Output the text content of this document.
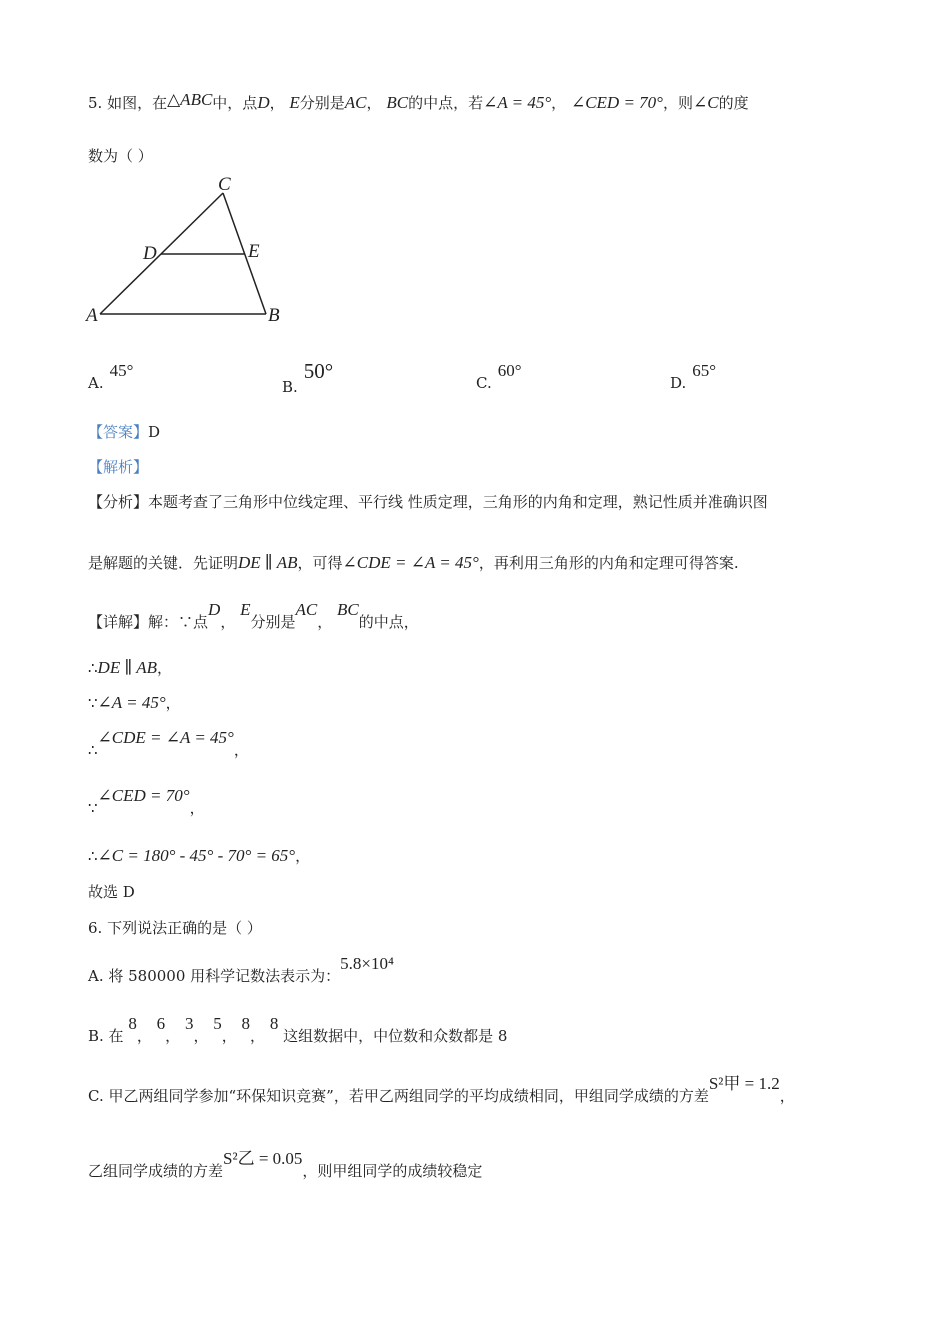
5. 如图，在△ABC中，点D， E分别是AC， BC的中点，若∠A = 45°， ∠CED = 70°，则∠C的度
数为（ ）
C
D	E
A	B
A.45°
B.50°	C.60°
D.65°
【答案】D
【解析】
【分析】本题考查了三角形中位线定理、平行线 性质定理，三角形的内角和定理，熟记性质并准确识图
是解题的关键．先证明DE ∥ AB，可得∠CDE = ∠A = 45°，再利用三角形的内角和定理可得答案.
【详解】解：∵点D， E分别是AC， BC的中点，
∴DE ∥ AB，
∵∠A = 45°，
∴∠CDE = ∠A = 45°，
∵∠CED = 70°，
∴∠C = 180° - 45° - 70° = 65°，
故选 D
6. 下列说法正确的是（ ）
A. 将 580000 用科学记数法表示为：5.8×10⁴
B. 在 8， 6， 3， 5， 8， 8 这组数据中，中位数和众数都是 8
C. 甲乙两组同学参加“环保知识竞赛”，若甲乙两组同学的平均成绩相同，甲组同学成绩的方差S²甲 = 1.2，
乙组同学成绩的方差S²乙 = 0.05，则甲组同学的成绩较稳定
